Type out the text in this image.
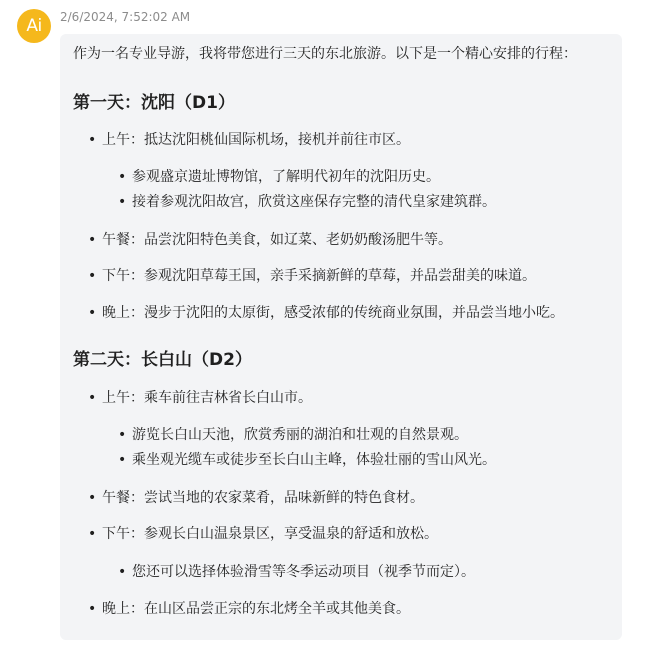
Ai	2/6/2024, 7:52:02 AM

作为一名专业导游，我将带您进行三天的东北旅游。以下是一个精心安排的行程：

第一天：沈阳（D1）
• 上午：抵达沈阳桃仙国际机场，接机并前往市区。
• 参观盛京遗址博物馆，了解明代初年的沈阳历史。
• 接着参观沈阳故宫，欣赏这座保存完整的清代皇家建筑群。
• 午餐：品尝沈阳特色美食，如辽菜、老奶奶酸汤肥牛等。
• 下午：参观沈阳草莓王国，亲手采摘新鲜的草莓，并品尝甜美的味道。
• 晚上：漫步于沈阳的太原街，感受浓郁的传统商业氛围，并品尝当地小吃。
第二天：长白山（D2）
• 上午：乘车前往吉林省长白山市。
• 游览长白山天池，欣赏秀丽的湖泊和壮观的自然景观。
• 乘坐观光缆车或徒步至长白山主峰，体验壮丽的雪山风光。
• 午餐：尝试当地的农家菜肴，品味新鲜的特色食材。
• 下午：参观长白山温泉景区，享受温泉的舒适和放松。
• 您还可以选择体验滑雪等冬季运动项目（视季节而定）。
• 晚上：在山区品尝正宗的东北烤全羊或其他美食。
